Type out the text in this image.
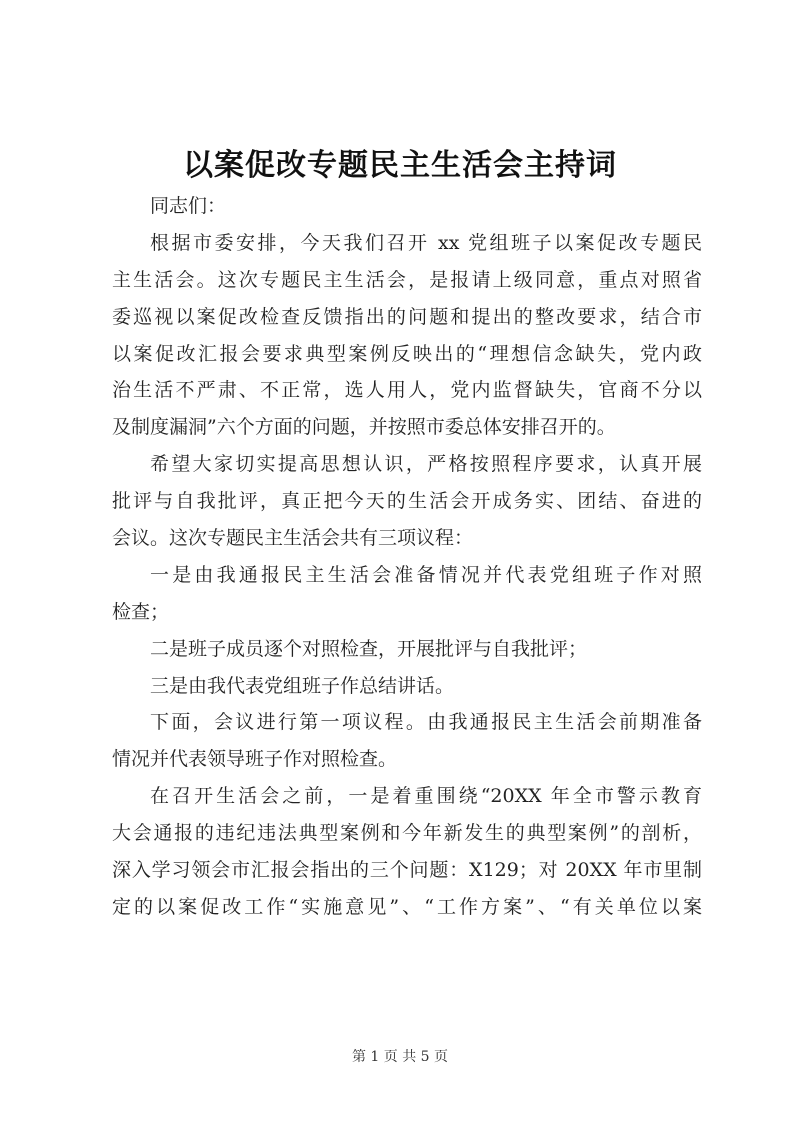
以案促改专题民主生活会主持词
同志们：
根据市委安排，今天我们召开 xx 党组班子以案促改专题民
主生活会。这次专题民主生活会，是报请上级同意，重点对照省
委巡视以案促改检查反馈指出的问题和提出的整改要求，结合市
以案促改汇报会要求典型案例反映出的“理想信念缺失，党内政
治生活不严肃、不正常，选人用人，党内监督缺失，官商不分以
及制度漏洞”六个方面的问题，并按照市委总体安排召开的。
希望大家切实提高思想认识，严格按照程序要求，认真开展
批评与自我批评，真正把今天的生活会开成务实、团结、奋进的
会议。这次专题民主生活会共有三项议程：
一是由我通报民主生活会准备情况并代表党组班子作对照
检查；
二是班子成员逐个对照检查，开展批评与自我批评；
三是由我代表党组班子作总结讲话。
下面，会议进行第一项议程。由我通报民主生活会前期准备
情况并代表领导班子作对照检查。
在召开生活会之前，一是着重围绕“20XX 年全市警示教育
大会通报的违纪违法典型案例和今年新发生的典型案例”的剖析，
深入学习领会市汇报会指出的三个问题：X129；对 20XX 年市里制
定的以案促改工作“实施意见”、“工作方案”、“有关单位以案
第 1 页 共 5 页
